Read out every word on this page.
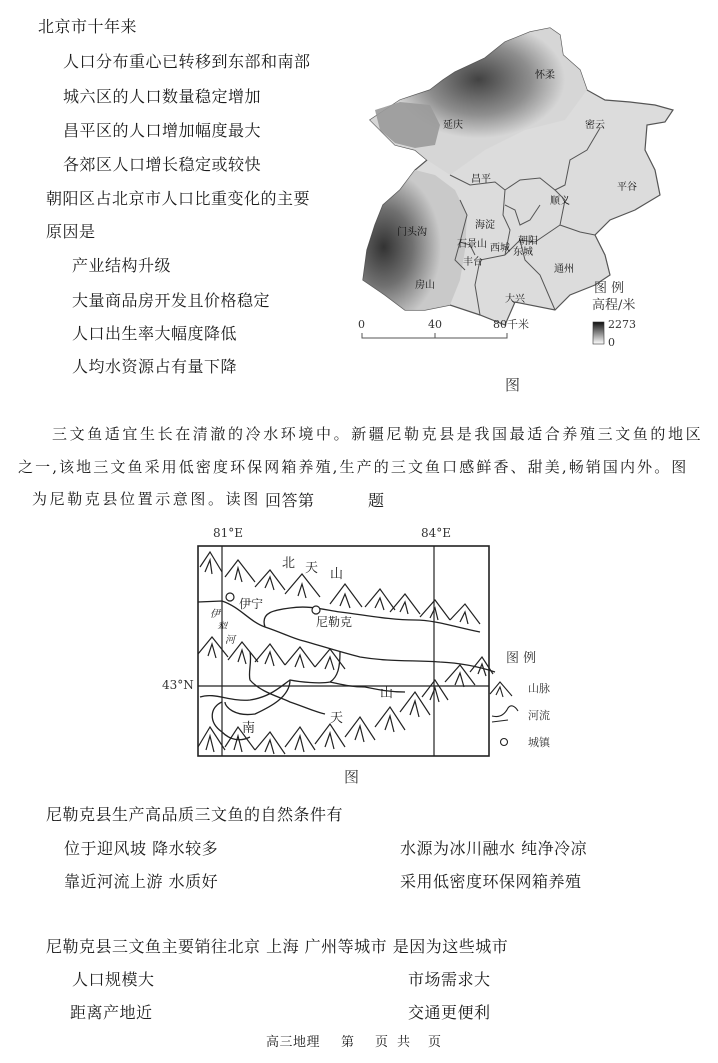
北京市十年来
人口分布重心已转移到东部和南部
城六区的人口数量稳定增加
昌平区的人口增加幅度最大
各郊区人口增长稳定或较快
朝阳区占北京市人口比重变化的主要
原因是
产业结构升级
大量商品房开发且价格稳定
人口出生率大幅度降低
人均水资源占有量下降
延庆
怀柔
密云
平谷
昌平
顺义
门头沟
海淀
石景山 西城
朝阳
东城
丰台
通州
房山
大兴
图 例
高程/米
2273
0
0	40	80千米
图
三文鱼适宜生长在清澈的冷水环境中。新疆尼勒克县是我国最适合养殖三文鱼的地区
之一,该地三文鱼采用低密度环保网箱养殖,生产的三文鱼口感鲜香、甜美,畅销国内外。图
为尼勒克县位置示意图。读图 回答第	题
81°E	84°E
43°N
伊宁
尼勒克
北 天 山
南
天
山
伊
犁
河
图 例
山脉
河流
城镇
图
尼勒克县生产高品质三文鱼的自然条件有
位于迎风坡 降水较多	水源为冰川融水 纯净冷凉
靠近河流上游 水质好	采用低密度环保网箱养殖
尼勒克县三文鱼主要销往北京 上海 广州等城市 是因为这些城市
人口规模大	市场需求大
距离产地近	交通更便利
高三地理 第 页 共 页
